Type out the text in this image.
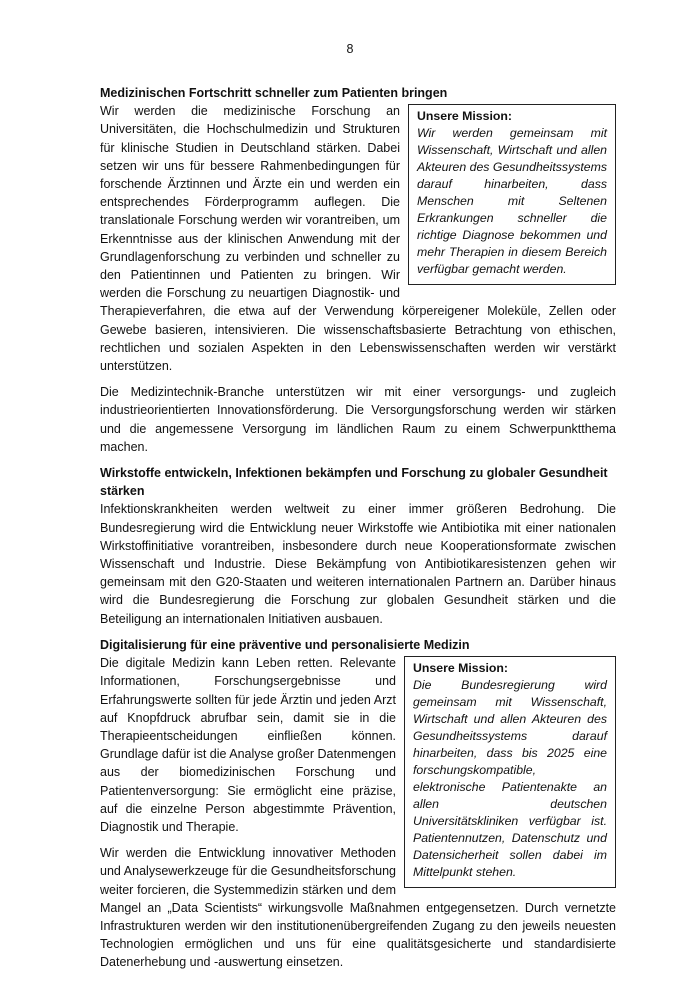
8
Medizinischen Fortschritt schneller zum Patienten bringen

Unsere Mission:
Wir werden gemeinsam mit Wissenschaft, Wirtschaft und allen Akteuren des Gesundheitssystems darauf hinarbeiten, dass Menschen mit Seltenen Erkrankungen schneller die richtige Diagnose bekommen und mehr Therapien in diesem Bereich verfügbar gemacht werden.
Wir werden die medizinische Forschung an Universitäten, die Hochschulmedizin und Strukturen für klinische Studien in Deutschland stärken. Dabei setzen wir uns für bessere Rahmenbedingungen für forschende Ärztinnen und Ärzte ein und werden ein entsprechendes Förderprogramm auflegen. Die translationale Forschung werden wir vorantreiben, um Erkenntnisse aus der klinischen Anwendung mit der Grundlagenforschung zu verbinden und schneller zu den Patientinnen und Patienten zu bringen. Wir werden die Forschung zu neuartigen Diagnostik- und Therapieverfahren, die etwa auf der Verwendung körpereigener Moleküle, Zellen oder Gewebe basieren, intensivieren. Die wissenschaftsbasierte Betrachtung von ethischen, rechtlichen und sozialen Aspekten in den Lebenswissenschaften werden wir verstärkt unterstützen.

Die Medizintechnik-Branche unterstützen wir mit einer versorgungs- und zugleich industrieorientierten Innovationsförderung. Die Versorgungsforschung werden wir stärken und die angemessene Versorgung im ländlichen Raum zu einem Schwerpunktthema machen.

Wirkstoffe entwickeln, Infektionen bekämpfen und Forschung zu globaler Gesundheit stärken

Infektionskrankheiten werden weltweit zu einer immer größeren Bedrohung. Die Bundesregierung wird die Entwicklung neuer Wirkstoffe wie Antibiotika mit einer nationalen Wirkstoffinitiative vorantreiben, insbesondere durch neue Kooperationsformate zwischen Wissenschaft und Industrie. Diese Bekämpfung von Antibiotikaresistenzen gehen wir gemeinsam mit den G20-Staaten und weiteren internationalen Partnern an. Darüber hinaus wird die Bundesregierung die Forschung zur globalen Gesundheit stärken und die Beteiligung an internationalen Initiativen ausbauen.

Digitalisierung für eine präventive und personalisierte Medizin
Unsere Mission:
Die Bundesregierung wird gemeinsam mit Wissenschaft, Wirtschaft und allen Akteuren des Gesundheitssystems darauf hinarbeiten, dass bis 2025 eine forschungskompatible, elektronische Patientenakte an allen deutschen Universitätskliniken verfügbar ist. Patientennutzen, Datenschutz und Datensicherheit sollen dabei im Mittelpunkt stehen.

Die digitale Medizin kann Leben retten. Relevante Informationen, Forschungsergebnisse und Erfahrungswerte sollten für jede Ärztin und jeden Arzt auf Knopfdruck abrufbar sein, damit sie in die Therapieentscheidungen einfließen können. Grundlage dafür ist die Analyse großer Datenmengen aus der biomedizinischen Forschung und Patientenversorgung: Sie ermöglicht eine präzise, auf die einzelne Person abgestimmte Prävention, Diagnostik und Therapie.

Wir werden die Entwicklung innovativer Methoden und Analysewerkzeuge für die Gesundheitsforschung weiter forcieren, die Systemmedizin stärken und dem Mangel an „Data Scientists“ wirkungsvolle Maßnahmen entgegensetzen. Durch vernetzte Infrastrukturen werden wir den institutionenübergreifenden Zugang zu den jeweils neuesten Technologien ermöglichen und uns für eine qualitätsgesicherte und standardisierte Datenerhebung und -auswertung einsetzen.
